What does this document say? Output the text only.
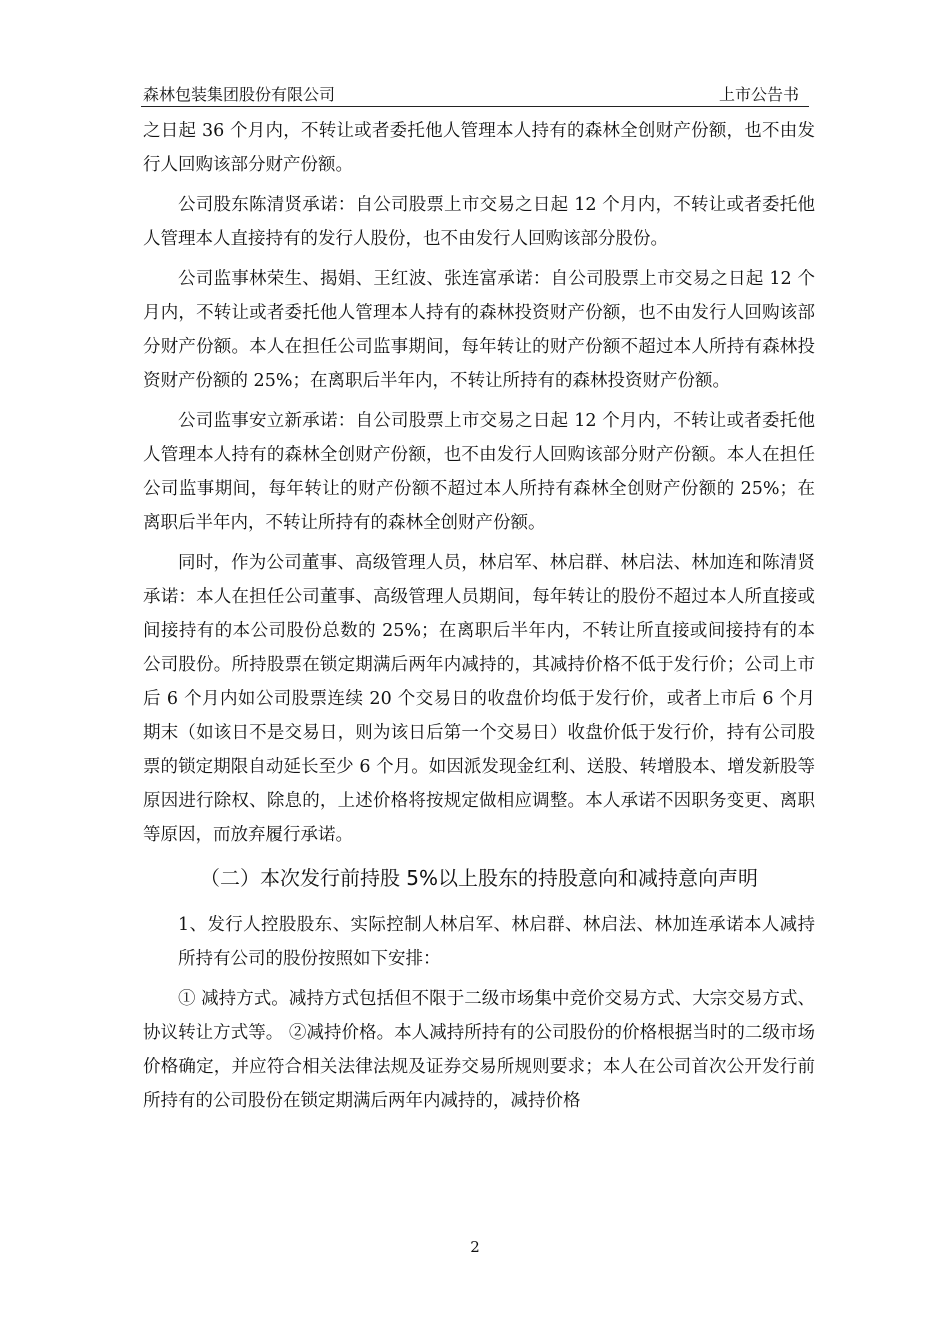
森林包装集团股份有限公司	上市公告书

之日起 36 个月内，不转让或者委托他人管理本人持有的森林全创财产份额，也不由发行人回购该部分财产份额。

公司股东陈清贤承诺：自公司股票上市交易之日起 12 个月内，不转让或者委托他人管理本人直接持有的发行人股份，也不由发行人回购该部分股份。

公司监事林荣生、揭娟、王红波、张连富承诺：自公司股票上市交易之日起 12 个月内，不转让或者委托他人管理本人持有的森林投资财产份额，也不由发行人回购该部分财产份额。本人在担任公司监事期间，每年转让的财产份额不超过本人所持有森林投资财产份额的 25%；在离职后半年内，不转让所持有的森林投资财产份额。

公司监事安立新承诺：自公司股票上市交易之日起 12 个月内，不转让或者委托他人管理本人持有的森林全创财产份额，也不由发行人回购该部分财产份额。本人在担任公司监事期间，每年转让的财产份额不超过本人所持有森林全创财产份额的 25%；在离职后半年内，不转让所持有的森林全创财产份额。

同时，作为公司董事、高级管理人员，林启军、林启群、林启法、林加连和陈清贤承诺：本人在担任公司董事、高级管理人员期间，每年转让的股份不超过本人所直接或间接持有的本公司股份总数的 25%；在离职后半年内，不转让所直接或间接持有的本公司股份。所持股票在锁定期满后两年内减持的，其减持价格不低于发行价；公司上市后 6 个月内如公司股票连续 20 个交易日的收盘价均低于发行价，或者上市后 6 个月期末（如该日不是交易日，则为该日后第一个交易日）收盘价低于发行价，持有公司股票的锁定期限自动延长至少 6 个月。如因派发现金红利、送股、转增股本、增发新股等原因进行除权、除息的，上述价格将按规定做相应调整。本人承诺不因职务变更、离职等原因，而放弃履行承诺。

（二）本次发行前持股 5%以上股东的持股意向和减持意向声明

1、发行人控股股东、实际控制人林启军、林启群、林启法、林加连承诺本人减持所持有公司的股份按照如下安排：

① 减持方式。减持方式包括但不限于二级市场集中竞价交易方式、大宗交易方式、协议转让方式等。 ②减持价格。本人减持所持有的公司股份的价格根据当时的二级市场价格确定，并应符合相关法律法规及证券交易所规则要求；本人在公司首次公开发行前所持有的公司股份在锁定期满后两年内减持的，减持价格

2
